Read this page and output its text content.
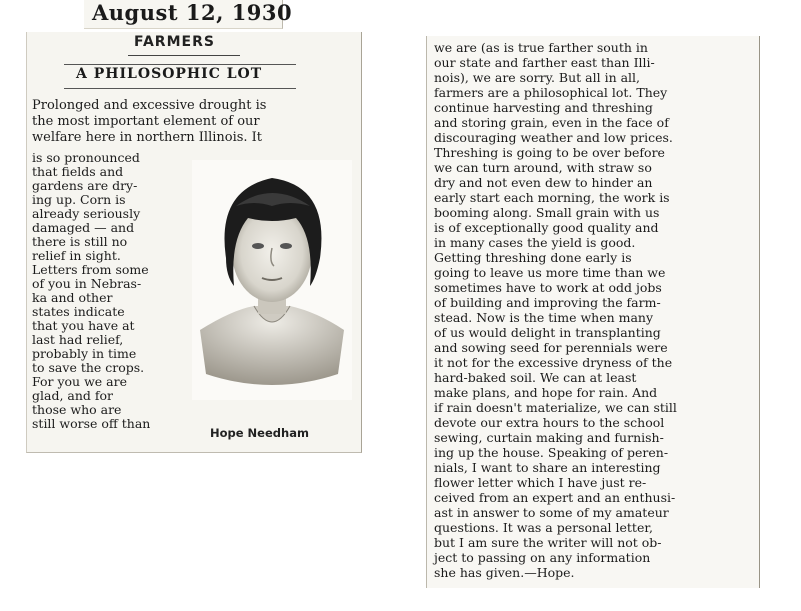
August 12, 1930
FARMERS
A PHILOSOPHIC LOT
Prolonged and excessive drought is
the most important element of our
welfare here in northern Illinois. It
is so pronounced
that fields and
gardens are dry-
ing up. Corn is
already seriously
damaged — and
there is still no
relief in sight.
Letters from some
of you in Nebras-
ka and other
states indicate
that you have at
last had relief,
probably in time
to save the crops.
For you we are
glad, and for
those who are
still worse off than
Hope Needham
we are (as is true farther south in
our state and farther east than Illi-
nois), we are sorry. But all in all,
farmers are a philosophical lot. They
continue harvesting and threshing
and storing grain, even in the face of
discouraging weather and low prices.
Threshing is going to be over before
we can turn around, with straw so
dry and not even dew to hinder an
early start each morning, the work is
booming along. Small grain with us
is of exceptionally good quality and
in many cases the yield is good.
Getting threshing done early is
going to leave us more time than we
sometimes have to work at odd jobs
of building and improving the farm-
stead. Now is the time when many
of us would delight in transplanting
and sowing seed for perennials were
it not for the excessive dryness of the
hard-baked soil. We can at least
make plans, and hope for rain. And
if rain doesn't materialize, we can still
devote our extra hours to the school
sewing, curtain making and furnish-
ing up the house. Speaking of peren-
nials, I want to share an interesting
flower letter which I have just re-
ceived from an expert and an enthusi-
ast in answer to some of my amateur
questions. It was a personal letter,
but I am sure the writer will not ob-
ject to passing on any information
she has given.—Hope.
